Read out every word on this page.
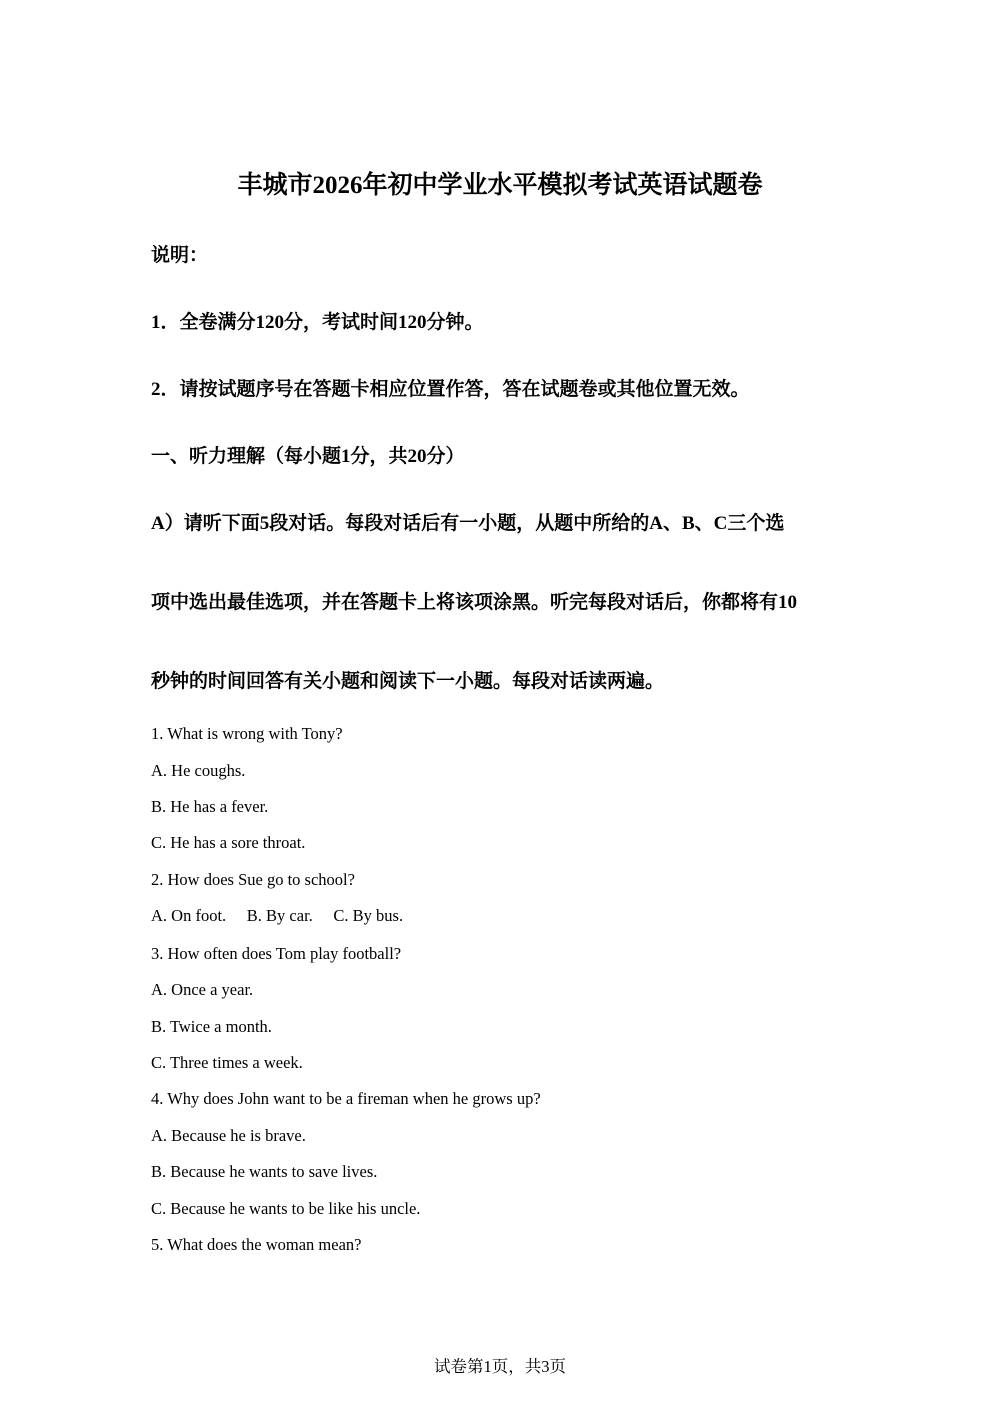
丰城市2026年初中学业水平模拟考试英语试题卷

说明：

1．全卷满分120分，考试时间120分钟。

2．请按试题序号在答题卡相应位置作答，答在试题卷或其他位置无效。

一、听力理解（每小题1分，共20分）

A）请听下面5段对话。每段对话后有一小题，从题中所给的A、B、C三个选

项中选出最佳选项，并在答题卡上将该项涂黑。听完每段对话后，你都将有10

秒钟的时间回答有关小题和阅读下一小题。每段对话读两遍。

1. What is wrong with Tony?

A. He coughs.

B. He has a fever.

C. He has a sore throat.

2. How does Sue go to school?

A. On foot.     B. By car.     C. By bus.

3. How often does Tom play football?

A. Once a year.

B. Twice a month.

C. Three times a week.

4. Why does John want to be a fireman when he grows up?

A. Because he is brave.

B. Because he wants to save lives.

C. Because he wants to be like his uncle.

5. What does the woman mean?

试卷第1页，共3页
